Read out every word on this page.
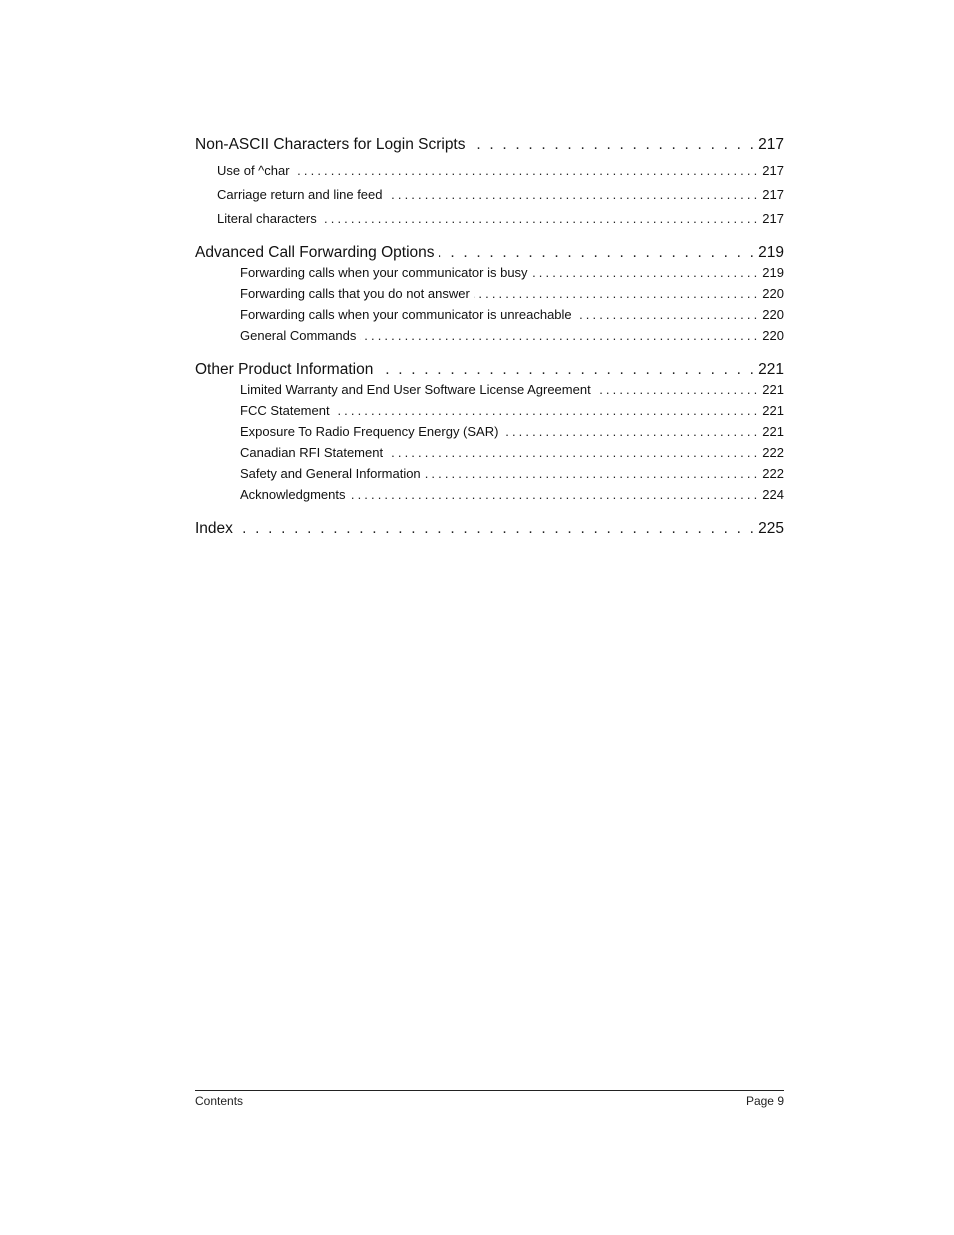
Non-ASCII Characters for Login Scripts . . .	217
Use of ^char .....	217
Carriage return and line feed .....	217
Literal characters .....	217
Advanced Call Forwarding Options . . .	219
Forwarding calls when your communicator is busy .....	219
Forwarding calls that you do not answer .....	220
Forwarding calls when your communicator is unreachable .....	220
General Commands .....	220
Other Product Information . . .	221
Limited Warranty and End User Software License Agreement .....	221
FCC Statement .....	221
Exposure To Radio Frequency Energy (SAR) .....	221
Canadian RFI Statement .....	222
Safety and General Information .....	222
Acknowledgments .....	224
Index . . .	225
Contents	Page 9
